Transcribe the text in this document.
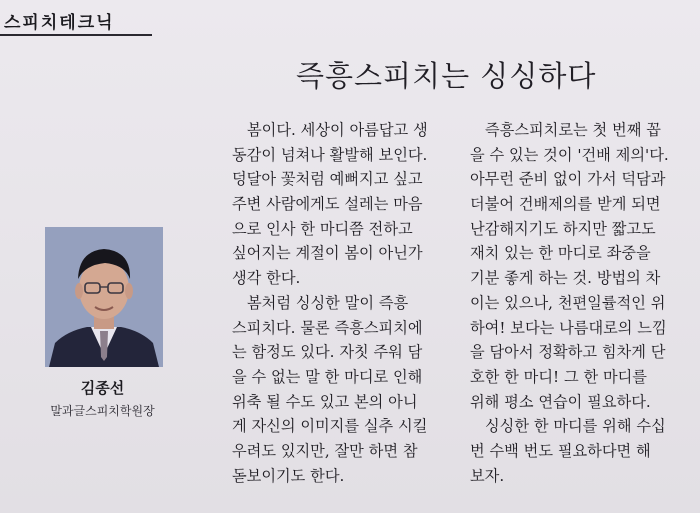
스피치테크닉
즉흥스피치는 싱싱하다
김종선
말과글스피치학원장
봄이다. 세상이 아름답고 생
동감이 넘쳐나 활발해 보인다.
덩달아 꽃처럼 예뻐지고 싶고
주변 사람에게도 설레는 마음
으로 인사 한 마디쯤 전하고
싶어지는 계절이 봄이 아닌가
생각 한다.
봄처럼 싱싱한 말이 즉흥
스피치다. 물론 즉흥스피치에
는 함정도 있다. 자칫 주워 담
을 수 없는 말 한 마디로 인해
위축 될 수도 있고 본의 아니
게 자신의 이미지를 실추 시킬
우려도 있지만, 잘만 하면 참
돋보이기도 한다.
즉흥스피치로는 첫 번째 꼽
을 수 있는 것이 '건배 제의'다.
아무런 준비 없이 가서 덕담과
더불어 건배제의를 받게 되면
난감해지기도 하지만 짧고도
재치 있는 한 마디로 좌중을
기분 좋게 하는 것. 방법의 차
이는 있으나, 천편일률적인 위
하여! 보다는 나름대로의 느낌
을 담아서 정확하고 힘차게 단
호한 한 마디! 그 한 마디를
위해 평소 연습이 필요하다.
싱싱한 한 마디를 위해 수십
번 수백 번도 필요하다면 해
보자.
